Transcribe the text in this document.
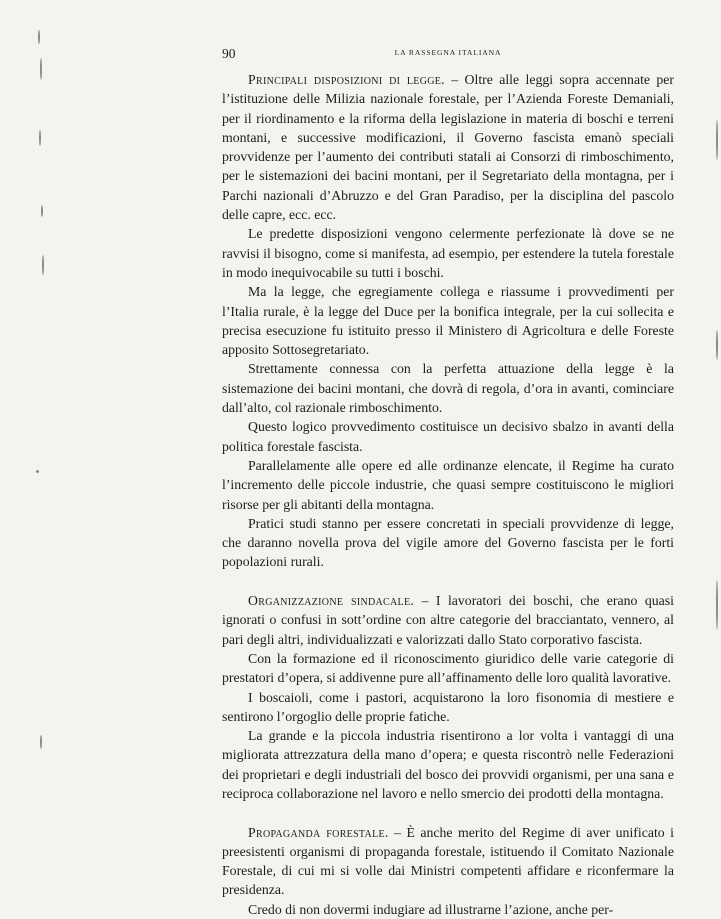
90	LA RASSEGNA ITALIANA

Principali disposizioni di legge. – Oltre alle leggi sopra accennate per l’istituzione delle Milizia nazionale forestale, per l’Azienda Foreste Demaniali, per il riordinamento e la riforma della legislazione in materia di boschi e terreni montani, e successive modificazioni, il Governo fascista emanò speciali provvidenze per l’aumento dei contributi statali ai Consorzi di rimboschimento, per le sistemazioni dei bacini montani, per il Segretariato della montagna, per i Parchi nazionali d’Abruzzo e del Gran Paradiso, per la disciplina del pascolo delle capre, ecc. ecc.

Le predette disposizioni vengono celermente perfezionate là dove se ne ravvisi il bisogno, come si manifesta, ad esempio, per estendere la tutela forestale in modo inequivocabile su tutti i boschi.

Ma la legge, che egregiamente collega e riassume i provvedimenti per l’Italia rurale, è la legge del Duce per la bonifica integrale, per la cui sollecita e precisa esecuzione fu istituito presso il Ministero di Agricoltura e delle Foreste apposito Sottosegretariato.

Strettamente connessa con la perfetta attuazione della legge è la sistemazione dei bacini montani, che dovrà di regola, d’ora in avanti, cominciare dall’alto, col razionale rimboschimento.

Questo logico provvedimento costituisce un decisivo sbalzo in avanti della politica forestale fascista.

Parallelamente alle opere ed alle ordinanze elencate, il Regime ha curato l’incremento delle piccole industrie, che quasi sempre costituiscono le migliori risorse per gli abitanti della montagna.

Pratici studi stanno per essere concretati in speciali provvidenze di legge, che daranno novella prova del vigile amore del Governo fascista per le forti popolazioni rurali.

Organizzazione sindacale. – I lavoratori dei boschi, che erano quasi ignorati o confusi in sott’ordine con altre categorie del bracciantato, vennero, al pari degli altri, individualizzati e valorizzati dallo Stato corporativo fascista.

Con la formazione ed il riconoscimento giuridico delle varie categorie di prestatori d’opera, si addivenne pure all’affinamento delle loro qualità lavorative.

I boscaioli, come i pastori, acquistarono la loro fisonomia di mestiere e sentirono l’orgoglio delle proprie fatiche.

La grande e la piccola industria risentirono a lor volta i vantaggi di una migliorata attrezzatura della mano d’opera; e questa riscontrò nelle Federazioni dei proprietari e degli industriali del bosco dei provvidi organismi, per una sana e reciproca collaborazione nel lavoro e nello smercio dei prodotti della montagna.

Propaganda forestale. – È anche merito del Regime di aver unificato i preesistenti organismi di propaganda forestale, istituendo il Comitato Nazionale Forestale, di cui mi si volle dai Ministri competenti affidare e riconfermare la presidenza.

Credo di non dovermi indugiare ad illustrarne l’azione, anche per-
